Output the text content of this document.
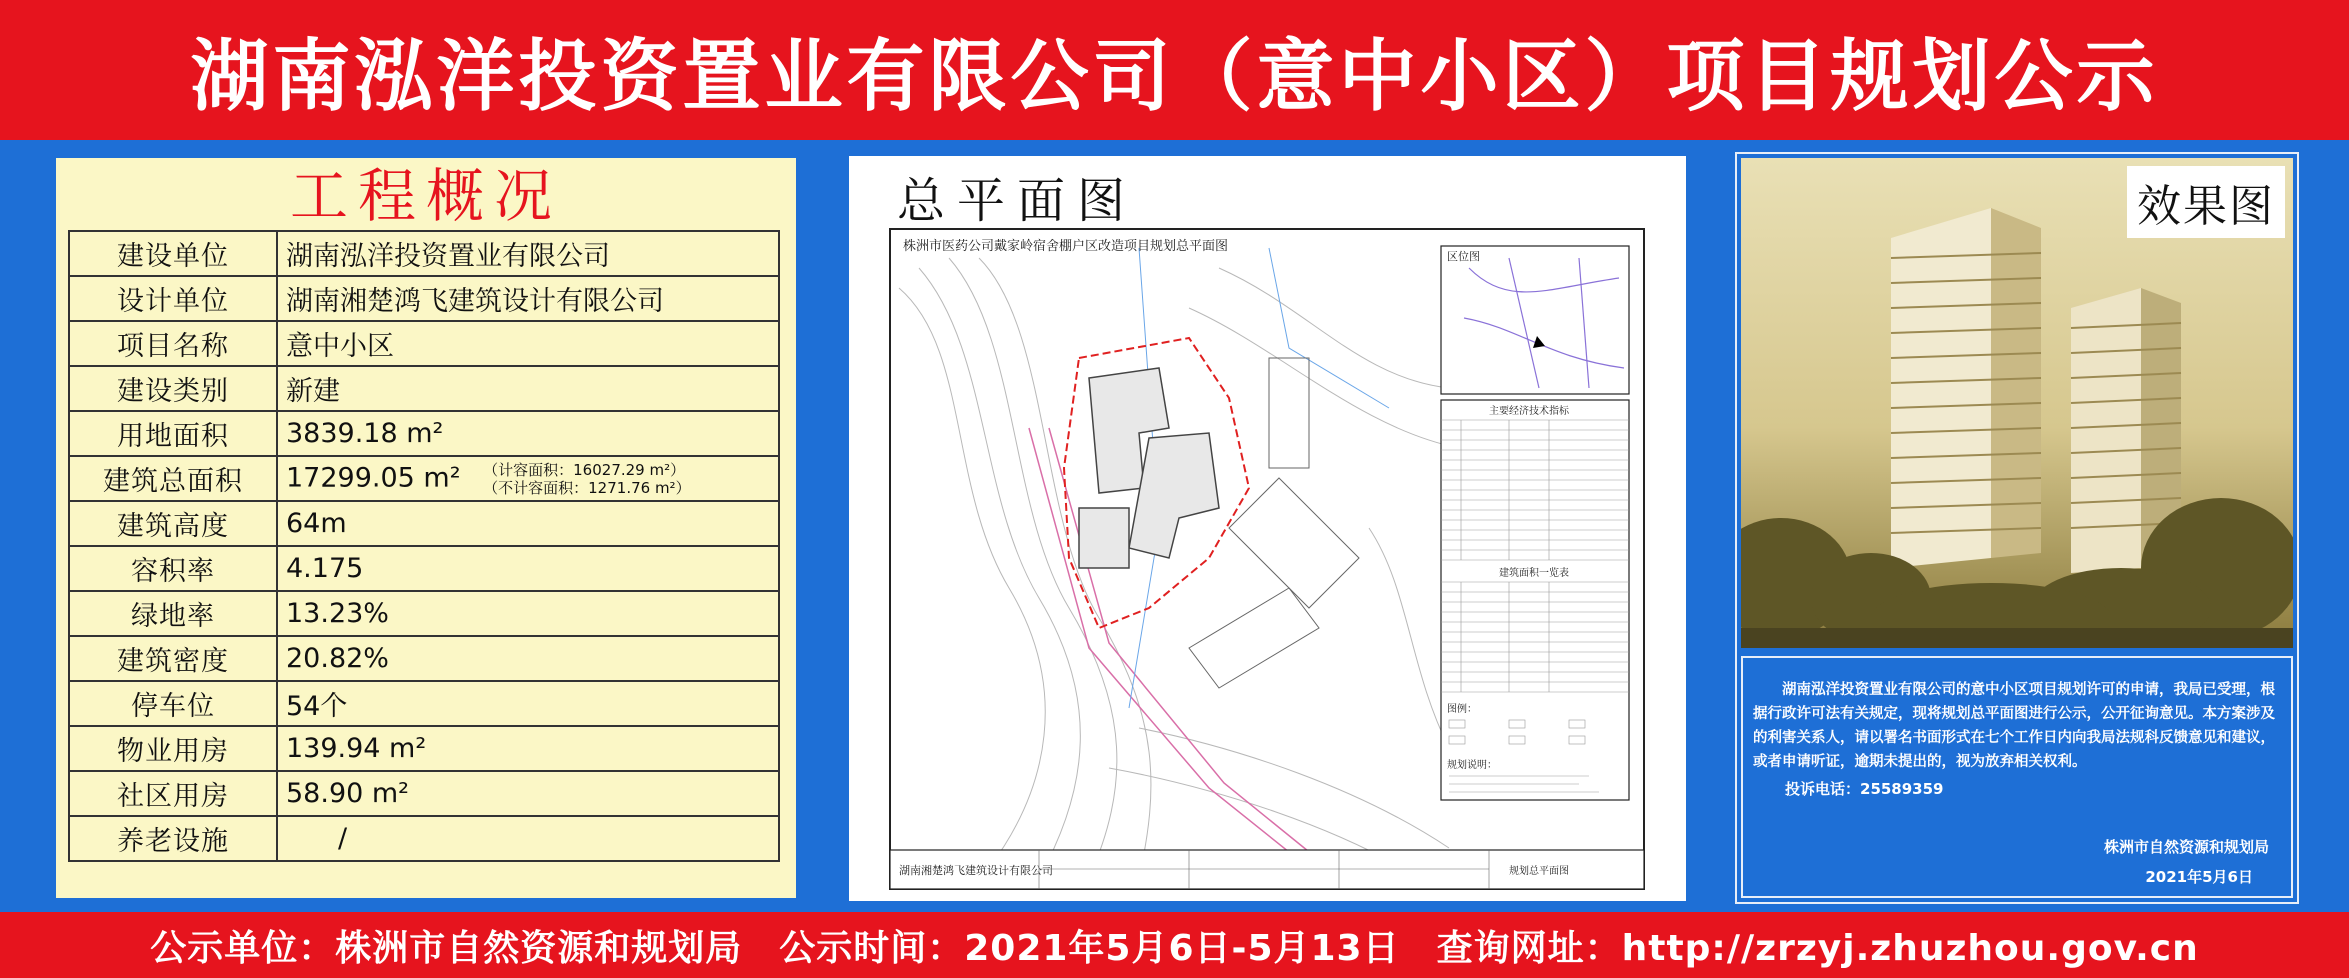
湖南泓洋投资置业有限公司（意中小区）项目规划公示
工程概况
建设单位	湖南泓洋投资置业有限公司
设计单位	湖南湘楚鸿飞建筑设计有限公司
项目名称	意中小区
建设类别	新建
用地面积	3839.18 m²
建筑总面积	17299.05 m² （计容面积：16027.29 m²）
（不计容面积：1271.76 m²）
建筑高度	64m
容积率	4.175
绿地率	13.23%
建筑密度	20.82%
停车位	54个
物业用房	139.94 m²
社区用房	58.90 m²
养老设施	/
总平面图
株洲市医药公司戴家岭宿舍棚户区改造项目规划总平面图
区位图
主要经济技术指标
建筑面积一览表
图例：
规划说明：
湖南湘楚鸿飞建筑设计有限公司	规划总平面图
效果图
湖南泓洋投资置业有限公司的意中小区项目规划许可的申请，我局已受理，根据行政许可法有关规定，现将规划总平面图进行公示，公开征询意见。本方案涉及的利害关系人，请以署名书面形式在七个工作日内向我局法规科反馈意见和建议，或者申请听证，逾期未提出的，视为放弃相关权利。
投诉电话：25589359
株洲市自然资源和规划局
2021年5月6日
公示单位：株洲市自然资源和规划局　公示时间：2021年5月6日-5月13日　查询网址：http://zrzyj.zhuzhou.gov.cn
